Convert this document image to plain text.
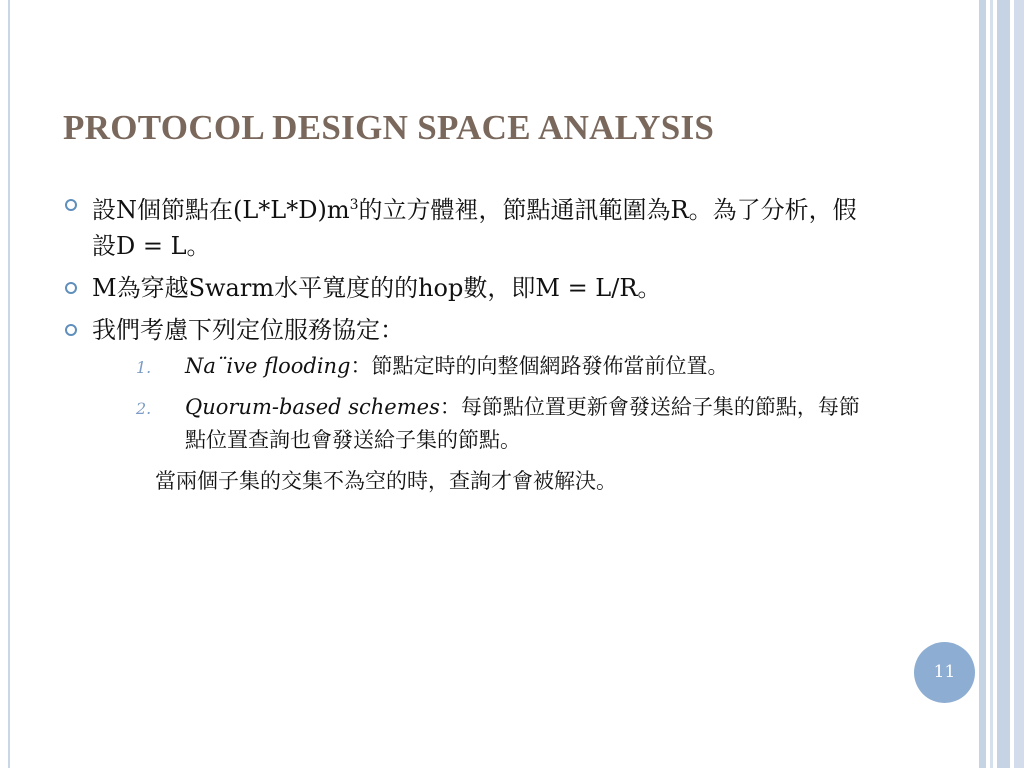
PROTOCOL DESIGN SPACE ANALYSIS
設N個節點在$(L*L*D)m^3$的立方體裡，節點通訊範圍為R。為了分析，假設D = L。
M為穿越Swarm水平寬度的的hop數，即M = L/R。
我們考慮下列定位服務協定：
1. Na¨ive flooding：節點定時的向整個網路發佈當前位置。
2. Quorum-based schemes：每節點位置更新會發送給子集的節點，每節點位置查詢也會發送給子集的節點。
當兩個子集的交集不為空的時，查詢才會被解決。
11
